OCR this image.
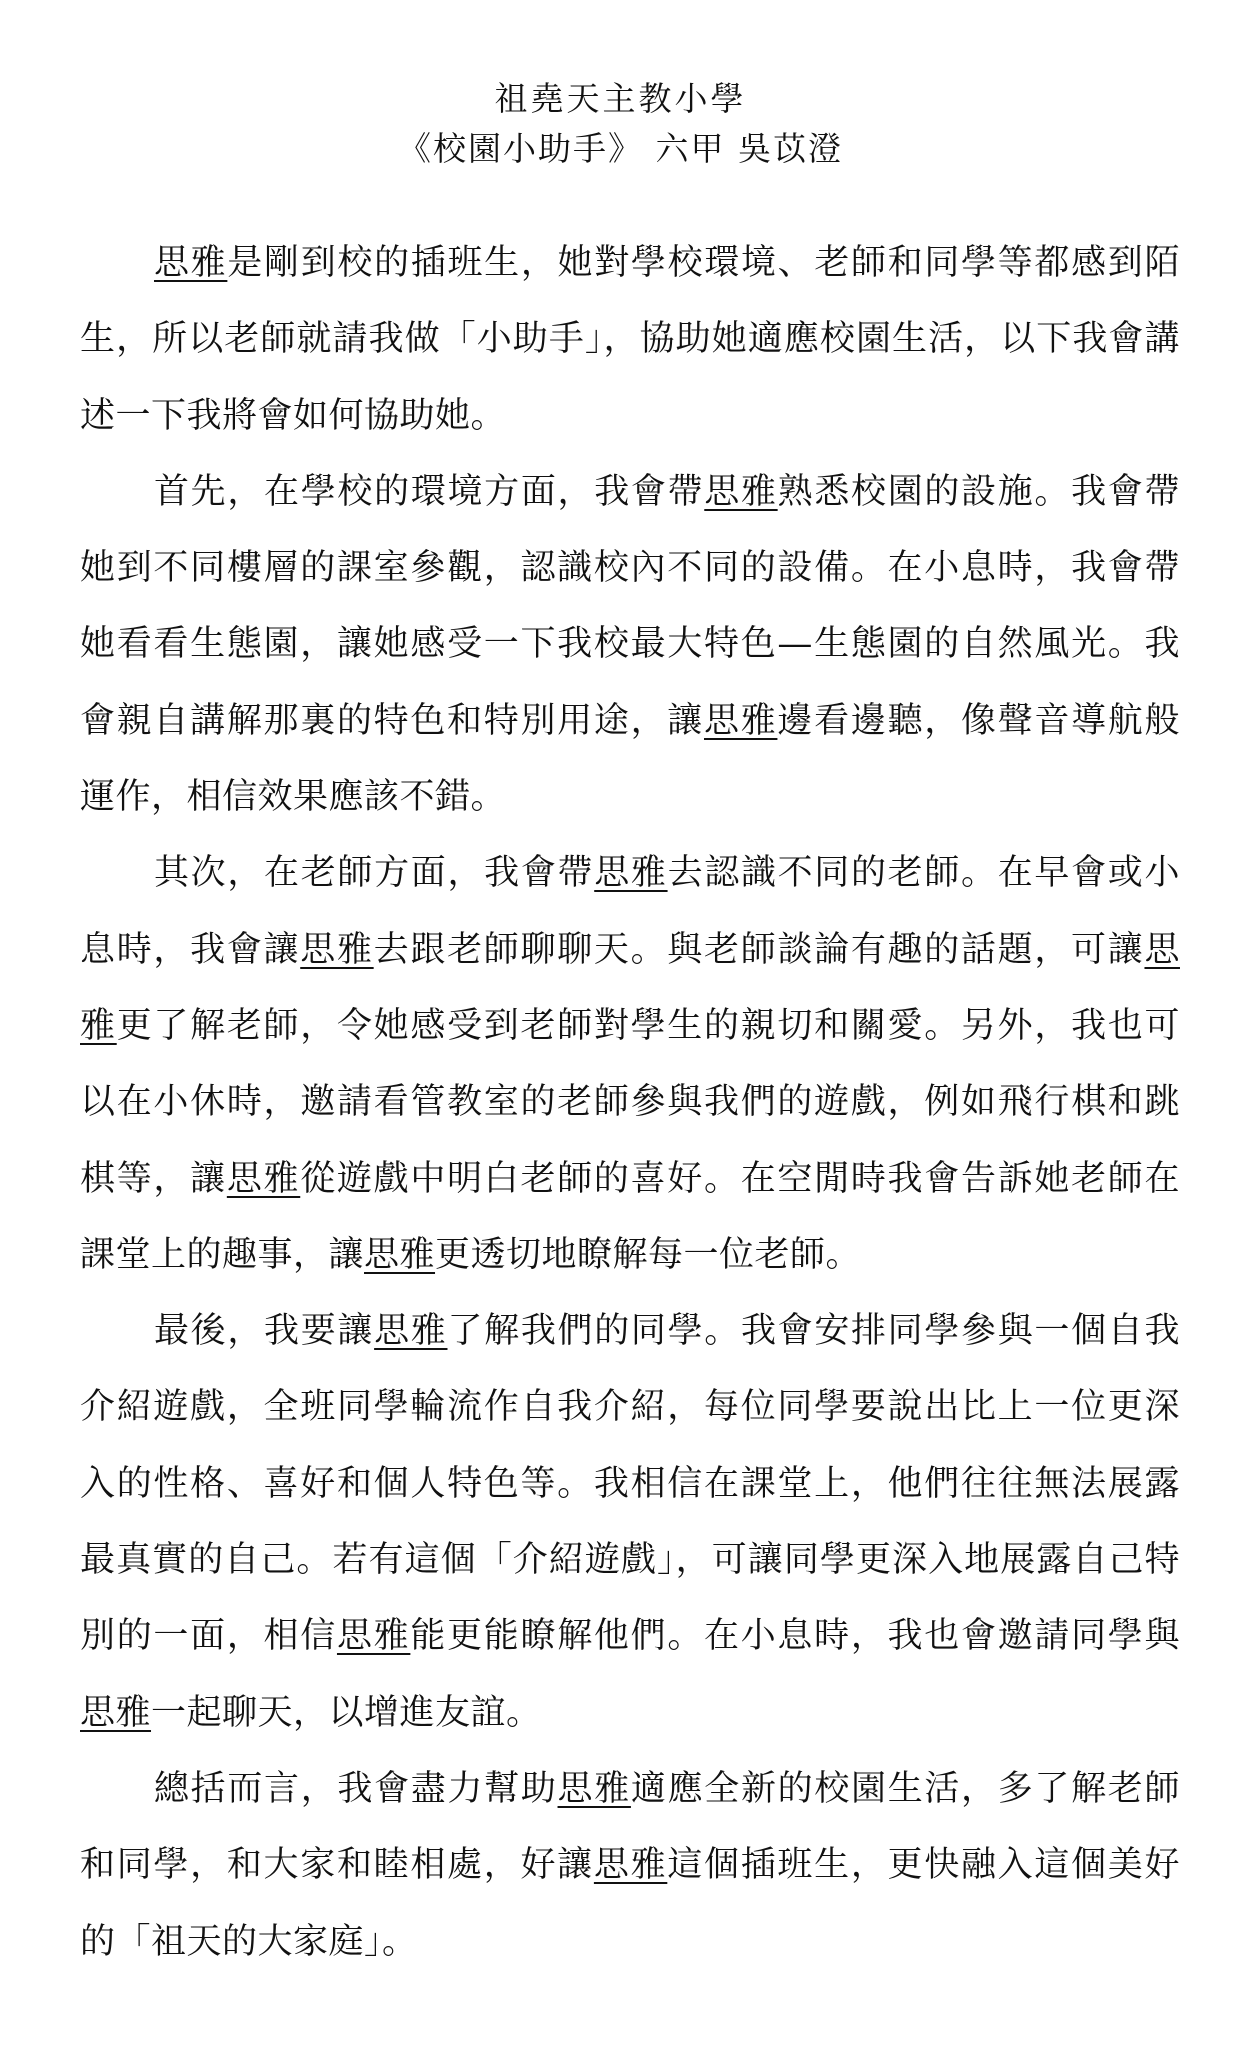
祖堯天主教小學
《校園小助手》 六甲 吳苡澄

思雅是剛到校的插班生，她對學校環境、老師和同學等都感到陌生，所以老師就請我做「小助手」，協助她適應校園生活，以下我會講述一下我將會如何協助她。

首先，在學校的環境方面，我會帶思雅熟悉校園的設施。我會帶她到不同樓層的課室參觀，認識校內不同的設備。在小息時，我會帶她看看生態園，讓她感受一下我校最大特色—生態園的自然風光。我會親自講解那裏的特色和特別用途，讓思雅邊看邊聽，像聲音導航般運作，相信效果應該不錯。

其次，在老師方面，我會帶思雅去認識不同的老師。在早會或小息時，我會讓思雅去跟老師聊聊天。與老師談論有趣的話題，可讓思雅更了解老師，令她感受到老師對學生的親切和關愛。另外，我也可以在小休時，邀請看管教室的老師參與我們的遊戲，例如飛行棋和跳棋等，讓思雅從遊戲中明白老師的喜好。在空閒時我會告訴她老師在課堂上的趣事，讓思雅更透切地瞭解每一位老師。

最後，我要讓思雅了解我們的同學。我會安排同學參與一個自我介紹遊戲，全班同學輪流作自我介紹，每位同學要說出比上一位更深入的性格、喜好和個人特色等。我相信在課堂上，他們往往無法展露最真實的自己。若有這個「介紹遊戲」，可讓同學更深入地展露自己特別的一面，相信思雅能更能瞭解他們。在小息時，我也會邀請同學與思雅一起聊天，以增進友誼。

總括而言，我會盡力幫助思雅適應全新的校園生活，多了解老師和同學，和大家和睦相處，好讓思雅這個插班生，更快融入這個美好的「祖天的大家庭」。
